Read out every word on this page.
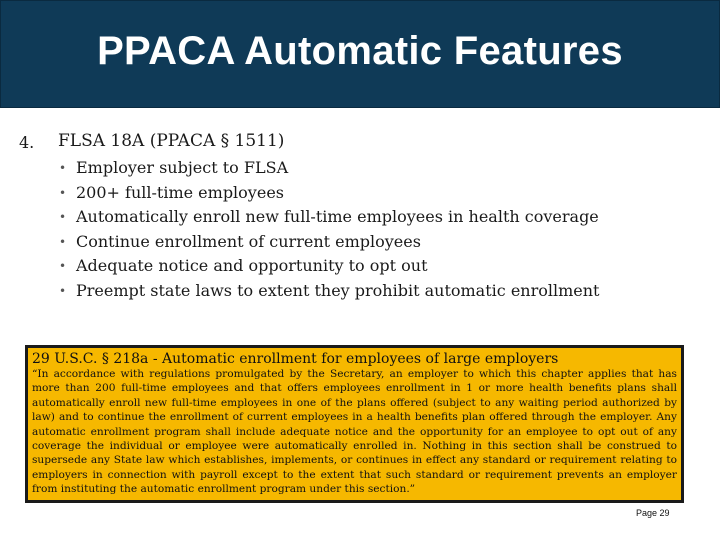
PPACA Automatic Features
4. FLSA 18A (PPACA § 1511)
• Employer subject to FLSA
• 200+ full-time employees
• Automatically enroll new full-time employees in health coverage
• Continue enrollment of current employees
• Adequate notice and opportunity to opt out
• Preempt state laws to extent they prohibit automatic enrollment
29 U.S.C. § 218a - Automatic enrollment for employees of large employers
“In accordance with regulations promulgated by the Secretary, an employer to which this chapter applies that has more than 200 full-time employees and that offers employees enrollment in 1 or more health benefits plans shall automatically enroll new full-time employees in one of the plans offered (subject to any waiting period authorized by law) and to continue the enrollment of current employees in a health benefits plan offered through the employer. Any automatic enrollment program shall include adequate notice and the opportunity for an employee to opt out of any coverage the individual or employee were automatically enrolled in. Nothing in this section shall be construed to supersede any State law which establishes, implements, or continues in effect any standard or requirement relating to employers in connection with payroll except to the extent that such standard or requirement prevents an employer from instituting the automatic enrollment program under this section.”
Page 29
